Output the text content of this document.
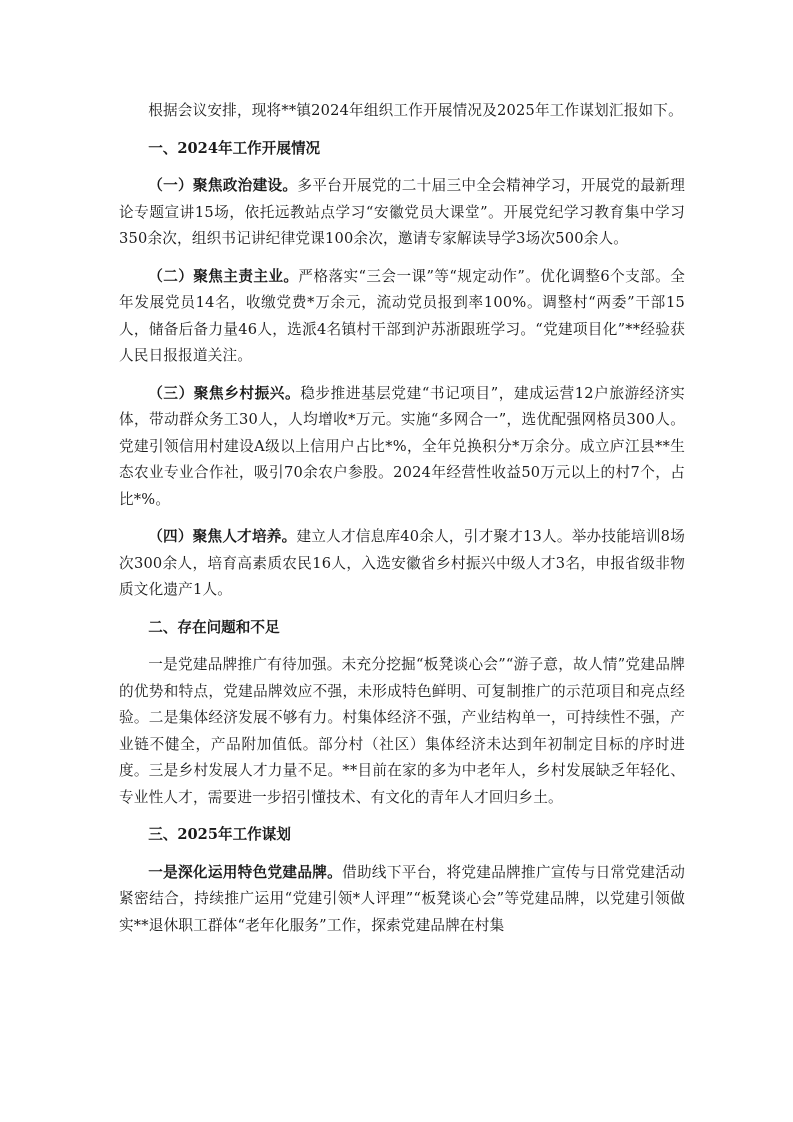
根据会议安排，现将**镇2024年组织工作开展情况及2025年工作谋划汇报如下。

一、2024年工作开展情况

（一）聚焦政治建设。多平台开展党的二十届三中全会精神学习，开展党的最新理论专题宣讲15场，依托远教站点学习“安徽党员大课堂”。开展党纪学习教育集中学习350余次，组织书记讲纪律党课100余次，邀请专家解读导学3场次500余人。

（二）聚焦主责主业。严格落实“三会一课”等“规定动作”。优化调整6个支部。全年发展党员14名，收缴党费*万余元，流动党员报到率100%。调整村“两委”干部15人，储备后备力量46人，选派4名镇村干部到沪苏浙跟班学习。“党建项目化”**经验获人民日报报道关注。

（三）聚焦乡村振兴。稳步推进基层党建“书记项目”，建成运营12户旅游经济实体，带动群众务工30人，人均增收*万元。实施“多网合一”，选优配强网格员300人。党建引领信用村建设A级以上信用户占比*%，全年兑换积分*万余分。成立庐江县**生态农业专业合作社，吸引70余农户参股。2024年经营性收益50万元以上的村7个，占比*%。

（四）聚焦人才培养。建立人才信息库40余人，引才聚才13人。举办技能培训8场次300余人，培育高素质农民16人，入选安徽省乡村振兴中级人才3名，申报省级非物质文化遗产1人。

二、存在问题和不足

一是党建品牌推广有待加强。未充分挖掘“板凳谈心会”“游子意，故人情”党建品牌的优势和特点，党建品牌效应不强，未形成特色鲜明、可复制推广的示范项目和亮点经验。二是集体经济发展不够有力。村集体经济不强，产业结构单一，可持续性不强，产业链不健全，产品附加值低。部分村（社区）集体经济未达到年初制定目标的序时进度。三是乡村发展人才力量不足。**目前在家的多为中老年人，乡村发展缺乏年轻化、专业性人才，需要进一步招引懂技术、有文化的青年人才回归乡土。

三、2025年工作谋划

一是深化运用特色党建品牌。借助线下平台，将党建品牌推广宣传与日常党建活动紧密结合，持续推广运用“党建引领*人评理”“板凳谈心会”等党建品牌，以党建引领做实**退休职工群体“老年化服务”工作，探索党建品牌在村集
